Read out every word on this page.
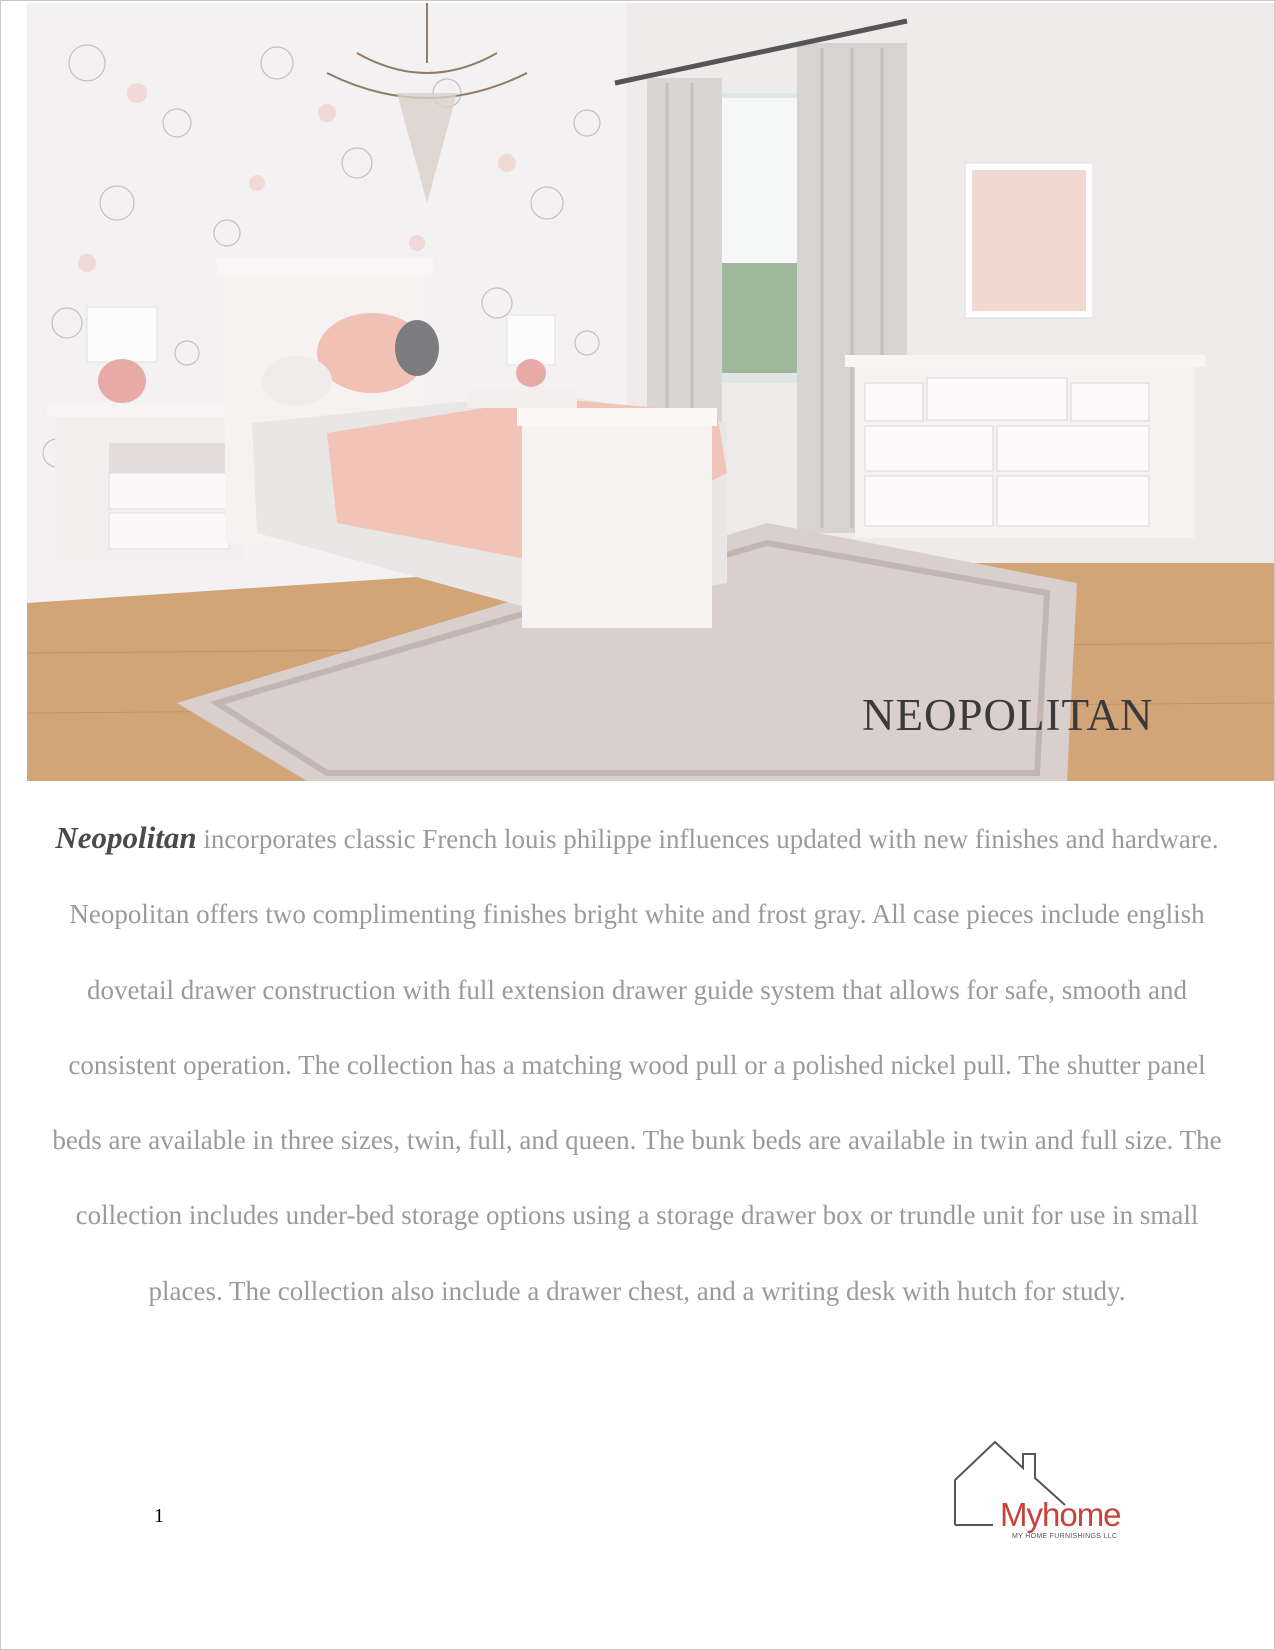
NEOPOLITAN
Neopolitan incorporates classic French louis philippe influences updated with new finishes and hardware. Neopolitan offers two complimenting finishes bright white and frost gray. All case pieces include english dovetail drawer construction with full extension drawer guide system that allows for safe, smooth and consistent operation. The collection has a matching wood pull or a polished nickel pull. The shutter panel beds are available in three sizes, twin, full, and queen. The bunk beds are available in twin and full size. The collection includes under-bed storage options using a storage drawer box or trundle unit for use in small places. The collection also include a drawer chest, and a writing desk with hutch for study.
1	Myhome
MY HOME FURNISHINGS LLC
